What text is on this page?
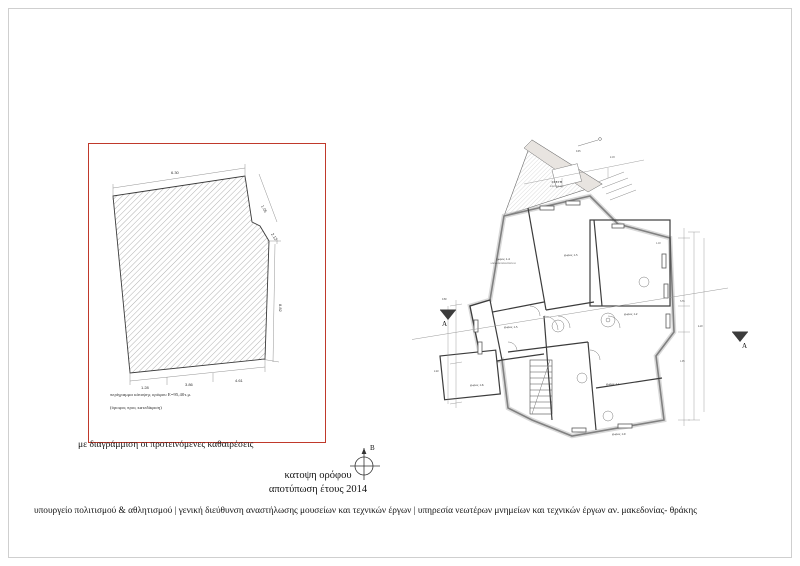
6.30
1.05
2.12
8.82
1.28
3.86
4.61
περίγραμμα κάτοψης ορόφου Ε=95,40τ.μ.
(όροφος προς κατεδάφιση)
με διαγράμμιση οι προτεινόμενες καθαιρέσεις
κατοψη ορόφου
αποτύπωση έτους 2014
υπουργείο πολιτισμού & αθλητισμού | γενική διεύθυνση αναστήλωσης μουσείων και τεχνικών έργων | υπηρεσία νεωτέρων μνημείων και τεχνικών έργων αν. μακεδονίας- θράκης
B
A
A
χωρος 1.4
ΑΠΟΘΗΚΗ/ΚΟΙΤΩΝΑΣ
χωρος 1.3
χωρος 1.2
χωρος 1.5
χωρος 1.6	χωρος 1.1
χωρος 1.0
ΣΤΕΓΗ
ΚΕΡΑΜΙΔΙΑ
0.95
2.18
1.10
3.55
1.05
4.20
0.80
2.40
